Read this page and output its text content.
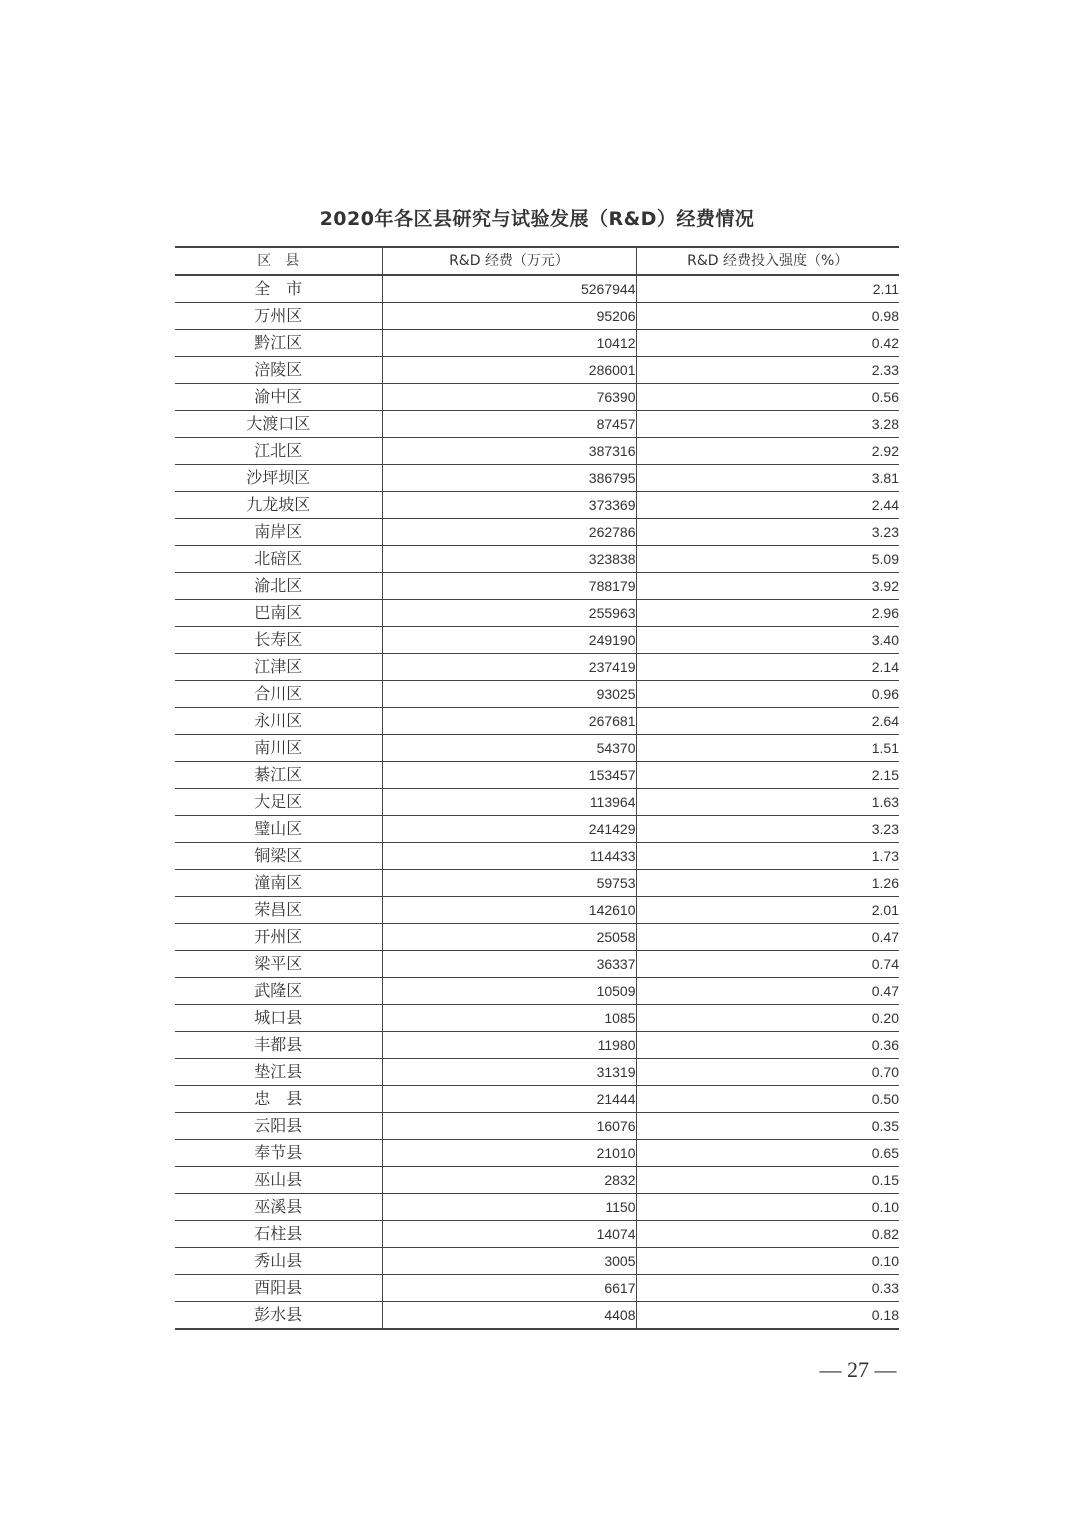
2020年各区县研究与试验发展（R&D）经费情况
区　县	R&D 经费（万元）	R&D 经费投入强度（%）
全　市	5267944	2.11
万州区	95206	0.98
黔江区	10412	0.42
涪陵区	286001	2.33
渝中区	76390	0.56
大渡口区	87457	3.28
江北区	387316	2.92
沙坪坝区	386795	3.81
九龙坡区	373369	2.44
南岸区	262786	3.23
北碚区	323838	5.09
渝北区	788179	3.92
巴南区	255963	2.96
长寿区	249190	3.40
江津区	237419	2.14
合川区	93025	0.96
永川区	267681	2.64
南川区	54370	1.51
綦江区	153457	2.15
大足区	113964	1.63
璧山区	241429	3.23
铜梁区	114433	1.73
潼南区	59753	1.26
荣昌区	142610	2.01
开州区	25058	0.47
梁平区	36337	0.74
武隆区	10509	0.47
城口县	1085	0.20
丰都县	11980	0.36
垫江县	31319	0.70
忠　县	21444	0.50
云阳县	16076	0.35
奉节县	21010	0.65
巫山县	2832	0.15
巫溪县	1150	0.10
石柱县	14074	0.82
秀山县	3005	0.10
酉阳县	6617	0.33
彭水县	4408	0.18
— 27 —
